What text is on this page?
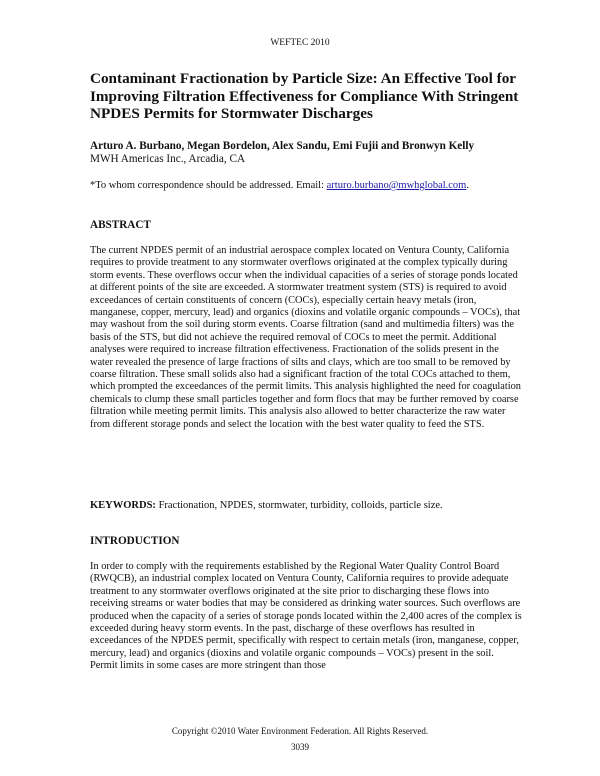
WEFTEC 2010
Contaminant Fractionation by Particle Size: An Effective Tool for Improving Filtration Effectiveness for Compliance With Stringent NPDES Permits for Stormwater Discharges
Arturo A. Burbano, Megan Bordelon, Alex Sandu, Emi Fujii and Bronwyn Kelly
MWH Americas Inc., Arcadia, CA
*To whom correspondence should be addressed. Email: arturo.burbano@mwhglobal.com.
ABSTRACT

The current NPDES permit of an industrial aerospace complex located on Ventura County, California requires to provide treatment to any stormwater overflows originated at the complex typically during storm events. These overflows occur when the individual capacities of a series of storage ponds located at different points of the site are exceeded. A stormwater treatment system (STS) is required to avoid exceedances of certain constituents of concern (COCs), especially certain heavy metals (iron, manganese, copper, mercury, lead) and organics (dioxins and volatile organic compounds – VOCs), that may washout from the soil during storm events. Coarse filtration (sand and multimedia filters) was the basis of the STS, but did not achieve the required removal of COCs to meet the permit. Additional analyses were required to increase filtration effectiveness. Fractionation of the solids present in the water revealed the presence of large fractions of silts and clays, which are too small to be removed by coarse filtration. These small solids also had a significant fraction of the total COCs attached to them, which prompted the exceedances of the permit limits. This analysis highlighted the need for coagulation chemicals to clump these small particles together and form flocs that may be further removed by coarse filtration while meeting permit limits. This analysis also allowed to better characterize the raw water from different storage ponds and select the location with the best water quality to feed the STS.

KEYWORDS: Fractionation, NPDES, stormwater, turbidity, colloids, particle size.
INTRODUCTION

In order to comply with the requirements established by the Regional Water Quality Control Board (RWQCB), an industrial complex located on Ventura County, California requires to provide adequate treatment to any stormwater overflows originated at the site prior to discharging these flows into receiving streams or water bodies that may be considered as drinking water sources. Such overflows are produced when the capacity of a series of storage ponds located within the 2,400 acres of the complex is exceeded during heavy storm events. In the past, discharge of these overflows has resulted in exceedances of the NPDES permit, specifically with respect to certain metals (iron, manganese, copper, mercury, lead) and organics (dioxins and volatile organic compounds – VOCs) present in the soil. Permit limits in some cases are more stringent than those

Copyright ©2010 Water Environment Federation. All Rights Reserved.
3039
